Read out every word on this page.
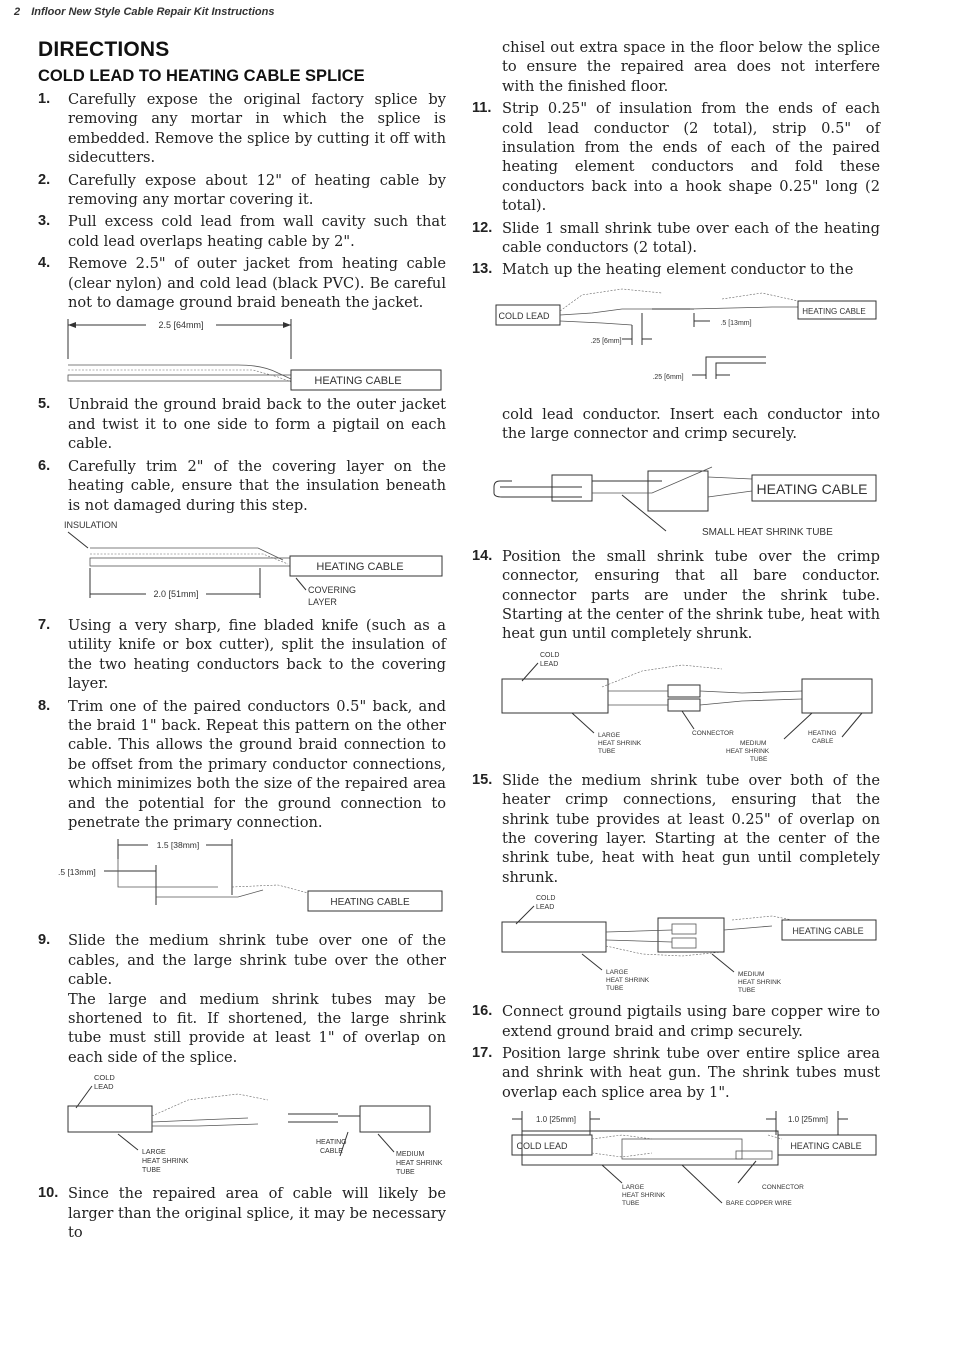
2 Infloor New Style Cable Repair Kit Instructions
DIRECTIONS
COLD LEAD TO HEATING CABLE SPLICE
1. Carefully expose the original factory splice by removing any mortar in which the splice is embedded. Remove the splice by cutting it off with sidecutters.
2. Carefully expose about 12" of heating cable by removing any mortar covering it.
3. Pull excess cold lead from wall cavity such that cold lead overlaps heating cable by 2".
4. Remove 2.5" of outer jacket from heating cable (clear nylon) and cold lead (black PVC). Be careful not to damage ground braid beneath the jacket.
2.5 [64mm]
HEATING CABLE
5. Unbraid the ground braid back to the outer jacket and twist it to one side to form a pigtail on each cable.
6. Carefully trim 2" of the covering layer on the heating cable, ensure that the insulation beneath is not damaged during this step.
INSULATION
HEATING CABLE
2.0 [51mm]	COVERING
LAYER
7. Using a very sharp, fine bladed knife (such as a utility knife or box cutter), split the insulation of the two heating conductors back to the covering layer.
8. Trim one of the paired conductors 0.5" back, and the braid 1" back. Repeat this pattern on the other cable. This allows the ground braid connection to be offset from the primary conductor connections, which minimizes both the size of the repaired area and the potential for the ground connection to penetrate the primary connection.
1.5 [38mm]
.5 [13mm]
HEATING CABLE
9. Slide the medium shrink tube over one of the cables, and the large shrink tube over the other cable.
The large and medium shrink tubes may be shortened to fit. If shortened, the large shrink tube must still provide at least 1" of overlap on each side of the splice.
COLD
LEAD
LARGE
HEAT SHRINK
TUBE
HEATING
CABLE	MEDIUM
HEAT SHRINK
TUBE
10. Since the repaired area of cable will likely be larger than the original splice, it may be necessary to
chisel out extra space in the floor below the splice to ensure the repaired area does not interfere with the finished floor.
11. Strip 0.25" of insulation from the ends of each cold lead conductor (2 total), strip 0.5" of insulation from the ends of each of the paired heating element conductors and fold these conductors back into a hook shape 0.25" long (2 total).
12. Slide 1 small shrink tube over each of the heating cable conductors (2 total).
13. Match up the heating element conductor to the
COLD LEAD
.25 [6mm]
.5 [13mm]
HEATING CABLE
.25 [6mm]
cold lead conductor. Insert each conductor into the large connector and crimp securely.
HEATING CABLE
SMALL HEAT SHRINK TUBE
14. Position the small shrink tube over the crimp connector, ensuring that all bare conductor. connector parts are under the shrink tube. Starting at the center of the shrink tube, heat with heat gun until completely shrunk.
COLD
LEAD
LARGE
HEAT SHRINK
TUBE
CONNECTOR
MEDIUM
HEAT SHRINK
TUBE
HEATING
CABLE
15. Slide the medium shrink tube over both of the heater crimp connections, ensuring that the shrink tube provides at least 0.25" of overlap on the covering layer. Starting at the center of the shrink tube, heat with heat gun until completely shrunk.
COLD
LEAD
HEATING CABLE
LARGE
HEAT SHRINK
TUBE
MEDIUM
HEAT SHRINK
TUBE
16. Connect ground pigtails using bare copper wire to extend ground braid and crimp securely.
17. Position large shrink tube over entire splice area and shrink with heat gun. The shrink tubes must overlap each splice area by 1".
1.0 [25mm]	1.0 [25mm]
COLD LEAD	HEATING CABLE
LARGE
HEAT SHRINK
TUBE	BARE COPPER WIRE
CONNECTOR
